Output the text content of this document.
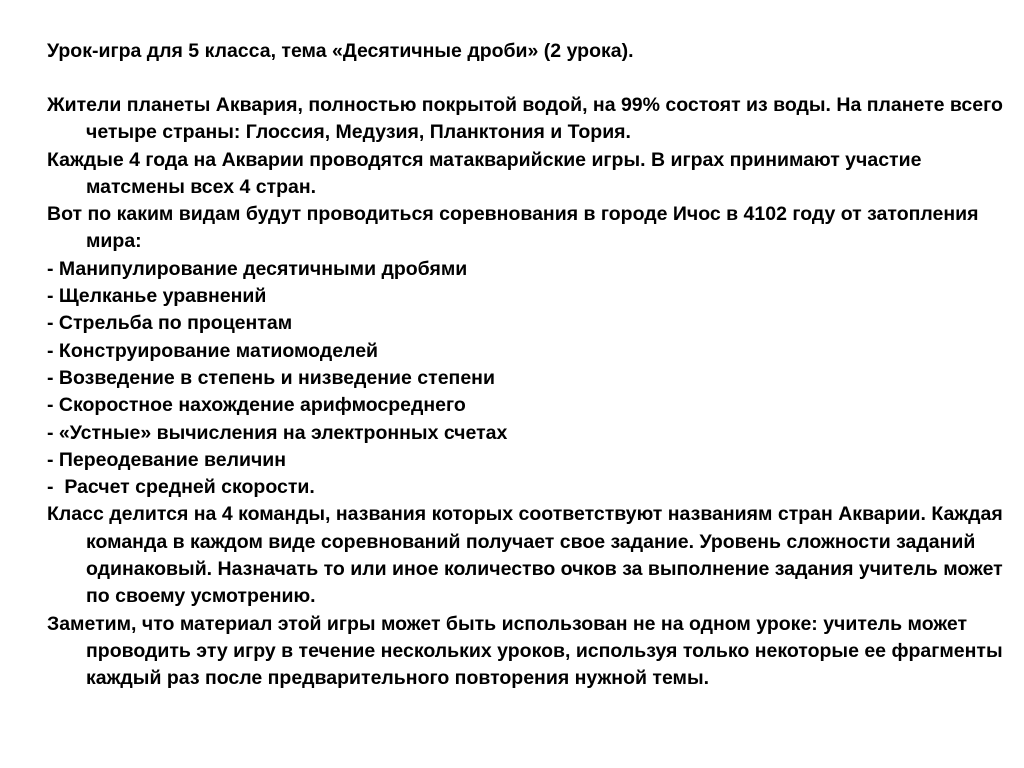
Урок-игра для 5 класса, тема «Десятичные дроби» (2 урока).

Жители планеты Аквария, полностью покрытой водой, на 99% состоят из воды. На планете всего четыре страны: Глоссия, Медузия, Планктония и Тория.

Каждые 4 года на Акварии проводятся матакварийские игры. В играх принимают участие матсмены всех 4 стран.

Вот по каким видам будут проводиться соревнования в городе Ичос в 4102 году от затопления мира:

- Манипулирование десятичными дробями

- Щелканье уравнений

- Стрельба по процентам

- Конструирование матиомоделей

- Возведение в степень и низведение степени

- Скоростное нахождение арифмосреднего

- «Устные» вычисления на электронных счетах

- Переодевание величин

-  Расчет средней скорости.

Класс делится на 4 команды, названия которых соответствуют названиям стран Акварии. Каждая команда в каждом виде соревнований получает свое задание. Уровень сложности заданий одинаковый. Назначать то или иное количество очков за выполнение задания учитель может по своему усмотрению.

Заметим, что материал этой игры может быть использован не на одном уроке: учитель может проводить эту игру в течение нескольких уроков, используя только некоторые ее фрагменты каждый раз после предварительного повторения нужной темы.
